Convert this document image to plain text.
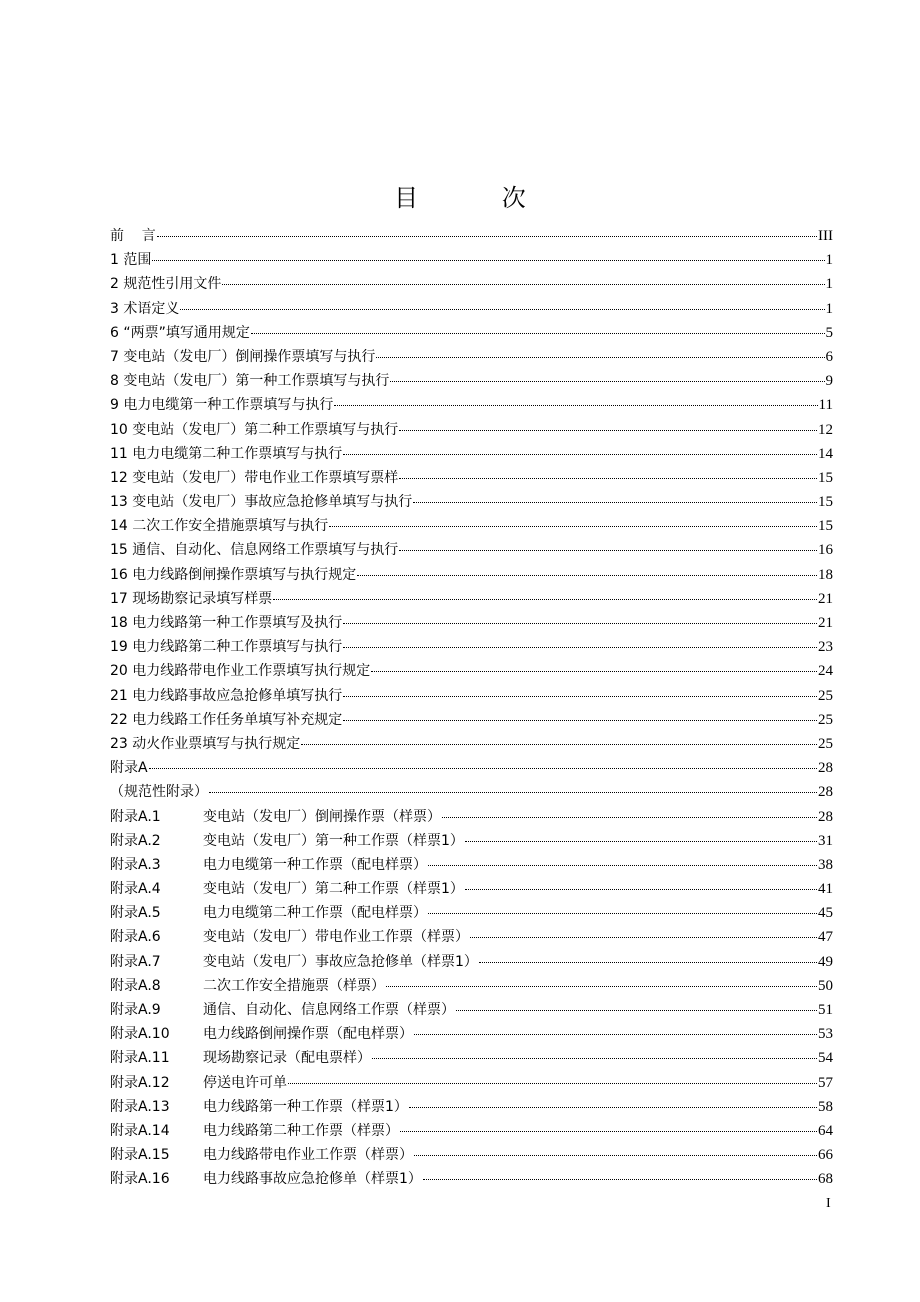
目 次
前    言	III
1 范围	1
2 规范性引用文件	1
3 术语定义	1
6 “两票”填写通用规定	5
7 变电站（发电厂）倒闸操作票填写与执行	6
8 变电站（发电厂）第一种工作票填写与执行	9
9 电力电缆第一种工作票填写与执行	11
10 变电站（发电厂）第二种工作票填写与执行	12
11 电力电缆第二种工作票填写与执行	14
12 变电站（发电厂）带电作业工作票填写票样	15
13 变电站（发电厂）事故应急抢修单填写与执行	15
14 二次工作安全措施票填写与执行	15
15 通信、自动化、信息网络工作票填写与执行	16
16 电力线路倒闸操作票填写与执行规定	18
17 现场勘察记录填写样票	21
18 电力线路第一种工作票填写及执行	21
19 电力线路第二种工作票填写与执行	23
20 电力线路带电作业工作票填写执行规定	24
21 电力线路事故应急抢修单填写执行	25
22 电力线路工作任务单填写补充规定	25
23 动火作业票填写与执行规定	25
附录A	28
（规范性附录）	28
附录A.1	变电站（发电厂）倒闸操作票（样票）	28
附录A.2	变电站（发电厂）第一种工作票（样票1）	31
附录A.3	电力电缆第一种工作票（配电样票）	38
附录A.4	变电站（发电厂）第二种工作票（样票1）	41
附录A.5	电力电缆第二种工作票（配电样票）	45
附录A.6	变电站（发电厂）带电作业工作票（样票）	47
附录A.7	变电站（发电厂）事故应急抢修单（样票1）	49
附录A.8	二次工作安全措施票（样票）	50
附录A.9	通信、自动化、信息网络工作票（样票）	51
附录A.10 电力线路倒闸操作票（配电样票）	53
附录A.11 现场勘察记录（配电票样）	54
附录A.12 停送电许可单	57
附录A.13 电力线路第一种工作票（样票1）	58
附录A.14 电力线路第二种工作票（样票）	64
附录A.15 电力线路带电作业工作票（样票）	66
附录A.16 电力线路事故应急抢修单（样票1）	68
I
